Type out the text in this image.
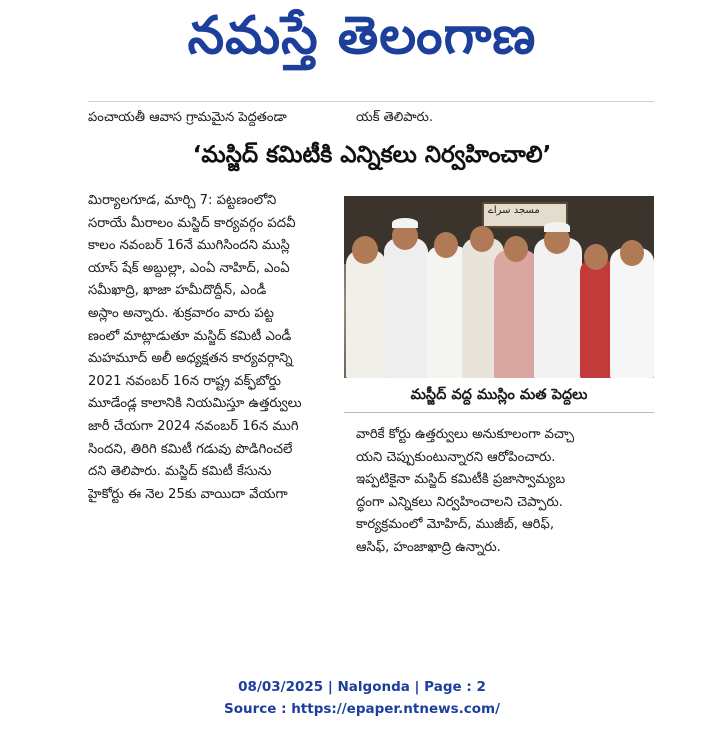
నమస్తే తెలంగాణ
పంచాయతీ ఆవాస గ్రామమైన పెద్దతండా	యక్ తెలిపారు.
‘మస్జిద్ కమిటీకి ఎన్నికలు నిర్వహించాలి’
మిర్యాలగూడ, మార్చి 7: పట్టణంలోని
సరాయే మీరాలం మస్జిద్ కార్యవర్గం పదవీ
కాలం నవంబర్ 16నే ముగిసిందని ముస్లి
యాస్ షేక్ అబ్దుల్లా, ఎంఏ నాహిద్, ఎంఏ
సమీఖాద్రి, ఖాజా హమీదొద్దీన్, ఎండీ
అస్లాం అన్నారు. శుక్రవారం వారు పట్ట
ణంలో మాట్లాడుతూ మస్జిద్ కమిటీ ఎండీ
మహమూద్ అలీ అధ్యక్షతన కార్యవర్గాన్ని
2021 నవంబర్ 16న రాష్ట్ర వక్ఫ్‌బోర్డు
మూడేండ్ల కాలానికి నియమిస్తూ ఉత్తర్వులు
జారీ చేయగా 2024 నవంబర్ 16న ముగి
సిందని, తిరిగి కమిటీ గడువు పొడిగించలే
దని తెలిపారు. మస్జిద్ కమిటీ కేసును
హైకోర్టు ఈ నెల 25కు వాయిదా వేయగా
مسجد سراے
మస్జీద్ వద్ద ముస్లిం మత పెద్దలు
వారికే కోర్టు ఉత్తర్వులు అనుకూలంగా వచ్చా
యని చెప్పుకుంటున్నారని ఆరోపించారు.
ఇప్పటికైనా మస్జిద్ కమిటీకి ప్రజాస్వామ్యబ
ద్ధంగా ఎన్నికలు నిర్వహించాలని చెప్పారు.
కార్యక్రమంలో మోహిద్, ముజీబ్, ఆరిఫ్,
ఆసిఫ్, హంజాఖాద్రి ఉన్నారు.
08/03/2025 | Nalgonda | Page : 2
Source : https://epaper.ntnews.com/
